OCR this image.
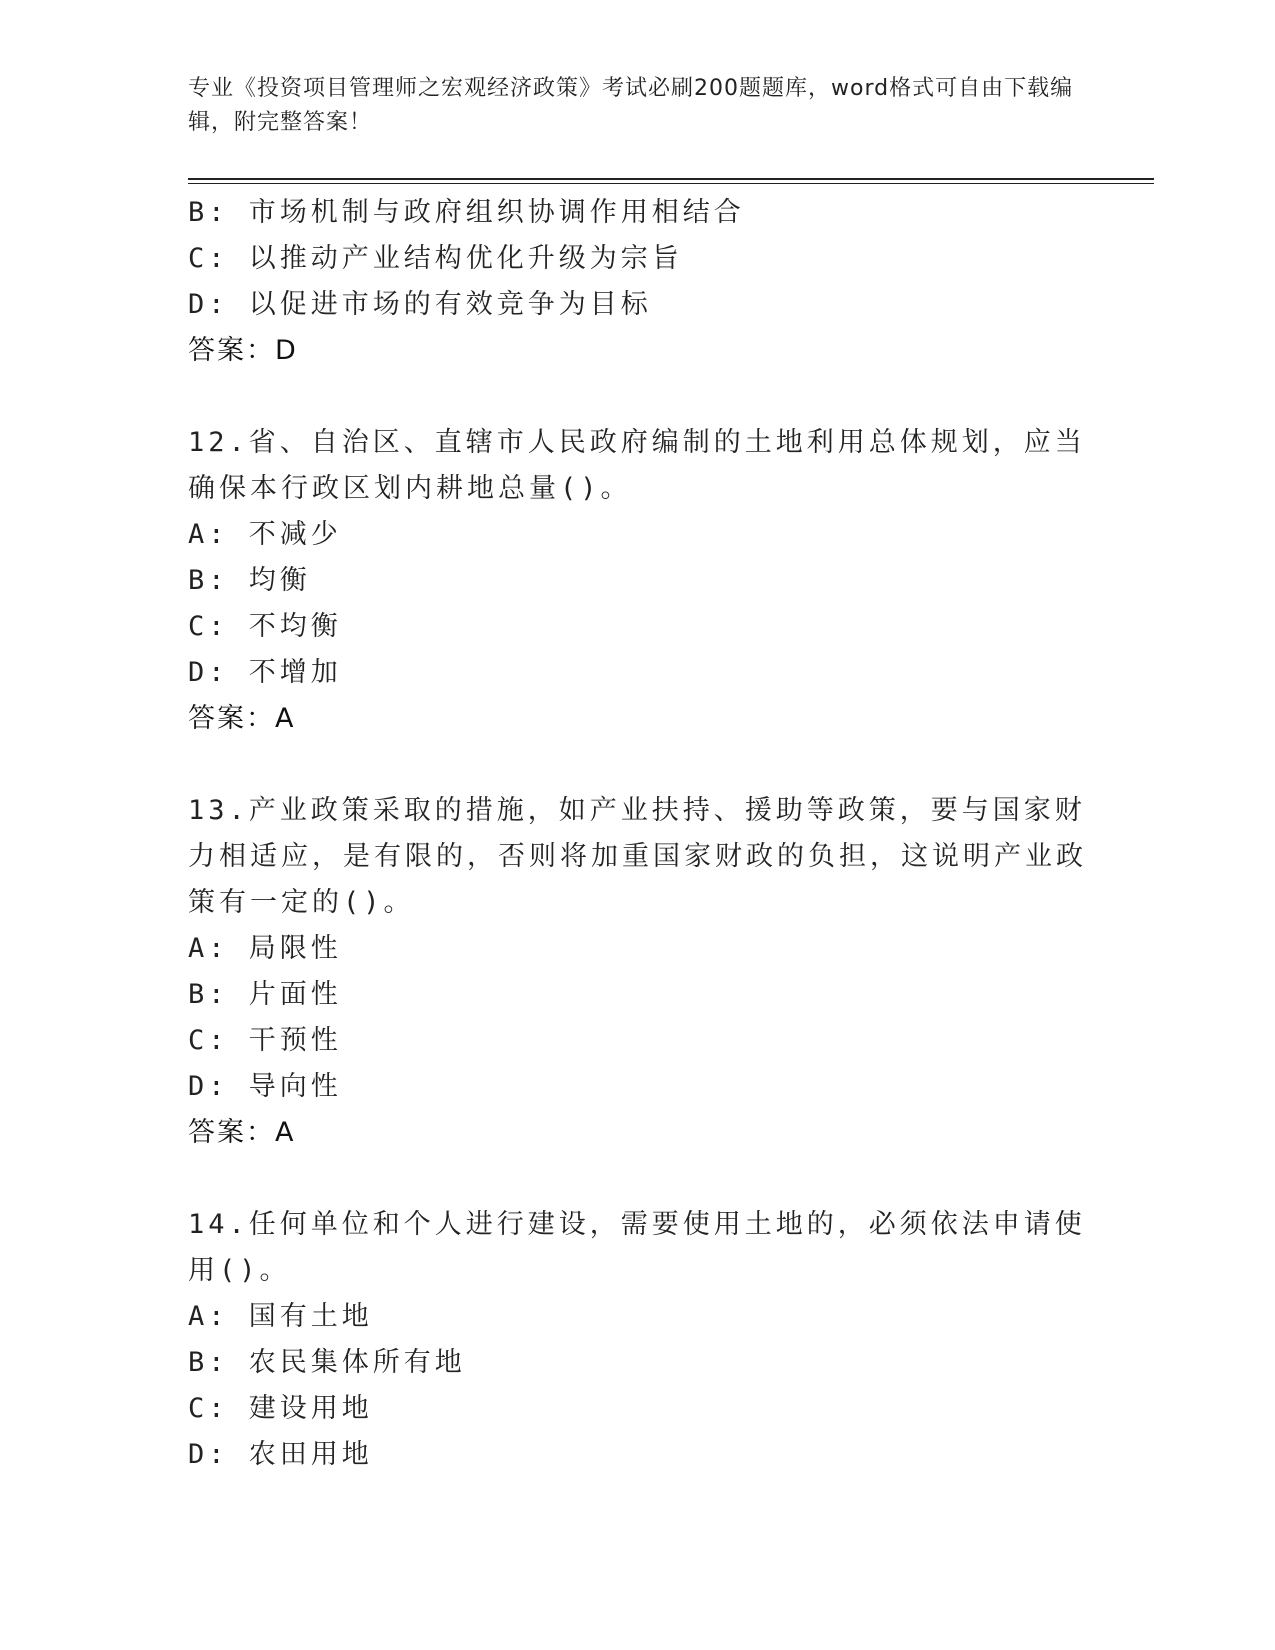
专业《投资项目管理师之宏观经济政策》考试必刷200题题库，word格式可自由下载编辑，附完整答案！
B: 市场机制与政府组织协调作用相结合
C: 以推动产业结构优化升级为宗旨
D: 以促进市场的有效竞争为目标
答案：D
12.省、自治区、直辖市人民政府编制的土地利用总体规划，应当确保本行政区划内耕地总量()。
A: 不减少
B: 均衡
C: 不均衡
D: 不增加
答案：A
13.产业政策采取的措施，如产业扶持、援助等政策，要与国家财力相适应，是有限的，否则将加重国家财政的负担，这说明产业政策有一定的()。
A: 局限性
B: 片面性
C: 干预性
D: 导向性
答案：A
14.任何单位和个人进行建设，需要使用土地的，必须依法申请使用()。
A: 国有土地
B: 农民集体所有地
C: 建设用地
D: 农田用地
